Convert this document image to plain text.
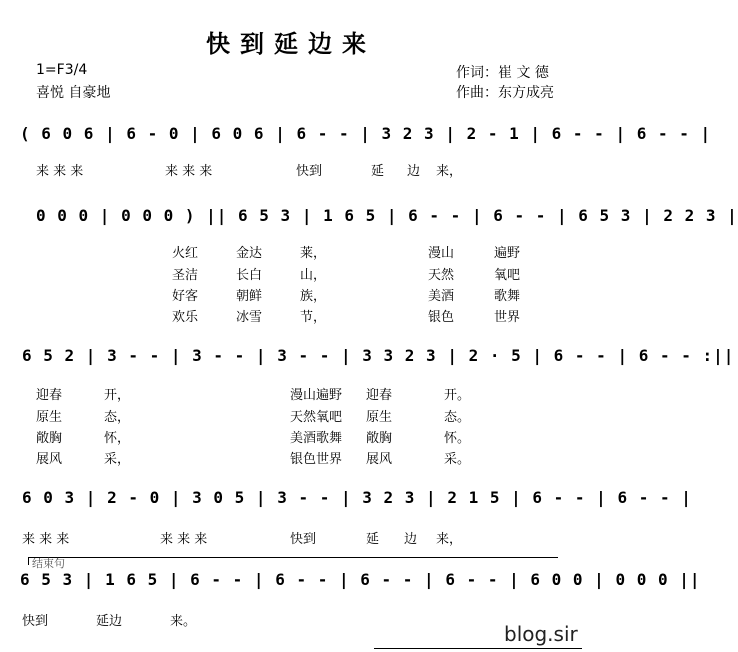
快到延边来
1=F3/4
喜悦 自豪地
作词：崔 文 德
作曲：东方成亮
( 6 0 6 | 6 - 0 | 6 0 6 | 6 - - | 3 2 3 | 2 - 1 | 6 - - | 6 - - |
来 来 来	来 来 来	快到	延 边 来，
0 0 0 | 0 0 0 ) || 6 5 3 | 1 6 5 | 6 - - | 6 - - | 6 5 3 | 2 2 3 |
火红	金达	莱，	漫山	遍野
圣洁	长白	山，	天然	氧吧
好客	朝鲜	族，	美酒	歌舞
欢乐	冰雪	节，	银色	世界
6 5 2 | 3 - - | 3 - - | 3 - - | 3 3 2 3 | 2 · 5 | 6 - - | 6 - - :||
迎春	开，	漫山遍野 迎春	开。
原生	态，	天然氧吧 原生	态。
敞胸	怀，	美酒歌舞 敞胸	怀。
展风	采，	银色世界 展风	采。
6 0 3 | 2 - 0 | 3 0 5 | 3 - - | 3 2 3 | 2 1 5 | 6 - - | 6 - - |
来 来 来	来 来 来	快到	延 边 来，
结束句
6 5 3 | 1 6 5 | 6 - - | 6 - - | 6 - - | 6 - - | 6 0 0 | 0 0 0 ||
快到	延边	来。
blog.sir
